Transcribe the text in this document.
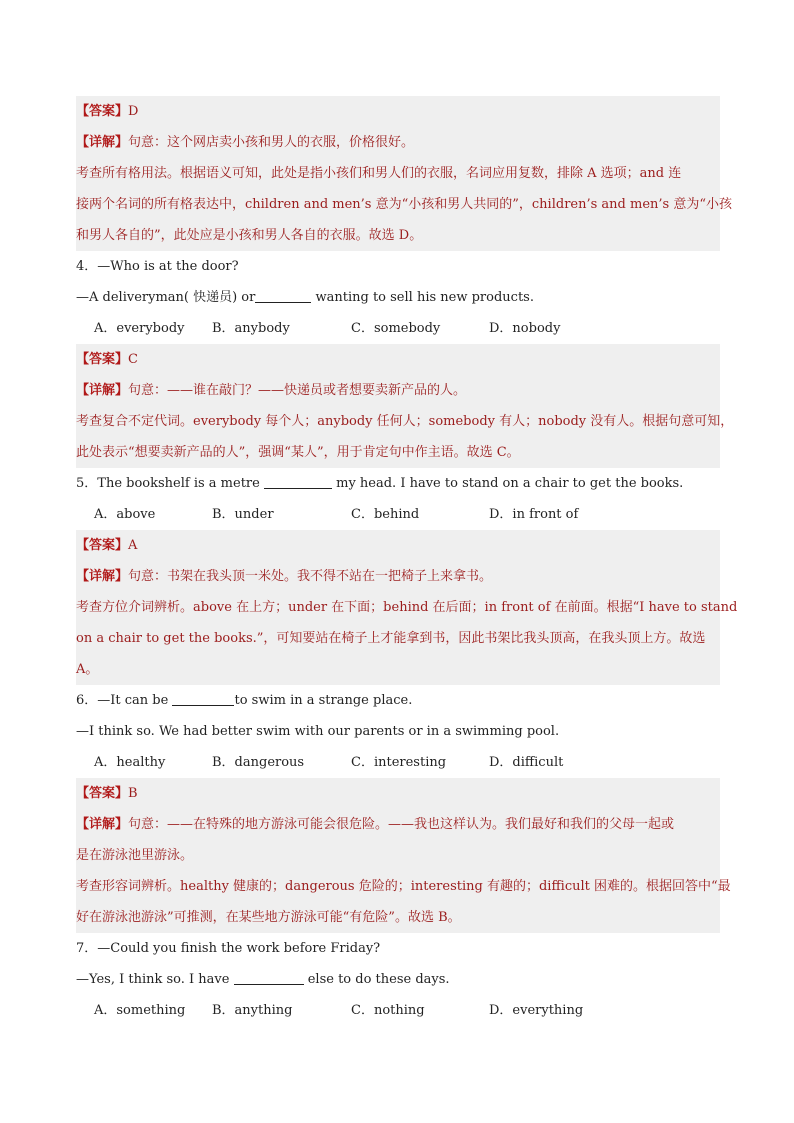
【答案】D
【详解】句意：这个网店卖小孩和男人的衣服，价格很好。
考查所有格用法。根据语义可知，此处是指小孩们和男人们的衣服，名词应用复数，排除 A 选项；and 连
接两个名词的所有格表达中，children and men’s 意为“小孩和男人共同的”，children’s and men’s 意为“小孩
和男人各自的”，此处应是小孩和男人各自的衣服。故选 D。
4．—Who is at the door?
—A deliveryman( 快递员) or	wanting to sell his new products.
A．everybody B．anybody	C．somebody	D．nobody
【答案】C
【详解】句意：——谁在敲门？——快递员或者想要卖新产品的人。
考查复合不定代词。everybody 每个人；anybody 任何人；somebody 有人；nobody 没有人。根据句意可知，
此处表示“想要卖新产品的人”，强调“某人”，用于肯定句中作主语。故选 C。
5．The bookshelf is a metre	my head. I have to stand on a chair to get the books.
A．above	B．under	C．behind	D．in front of
【答案】A
【详解】句意：书架在我头顶一米处。我不得不站在一把椅子上来拿书。
考查方位介词辨析。above 在上方；under 在下面；behind 在后面；in front of 在前面。根据“I have to stand
on a chair to get the books.”，可知要站在椅子上才能拿到书，因此书架比我头顶高，在我头顶上方。故选
A。
6．—It can be	to swim in a strange place.
—I think so. We had better swim with our parents or in a swimming pool.
A．healthy	B．dangerous	C．interesting	D．difficult
【答案】B
【详解】句意：——在特殊的地方游泳可能会很危险。——我也这样认为。我们最好和我们的父母一起或
是在游泳池里游泳。
考查形容词辨析。healthy 健康的；dangerous 危险的；interesting 有趣的；difficult 困难的。根据回答中“最
好在游泳池游泳”可推测，在某些地方游泳可能“有危险”。故选 B。
7．—Could you finish the work before Friday?
—Yes, I think so. I have	else to do these days.
A．something B．anything	C．nothing	D．everything
